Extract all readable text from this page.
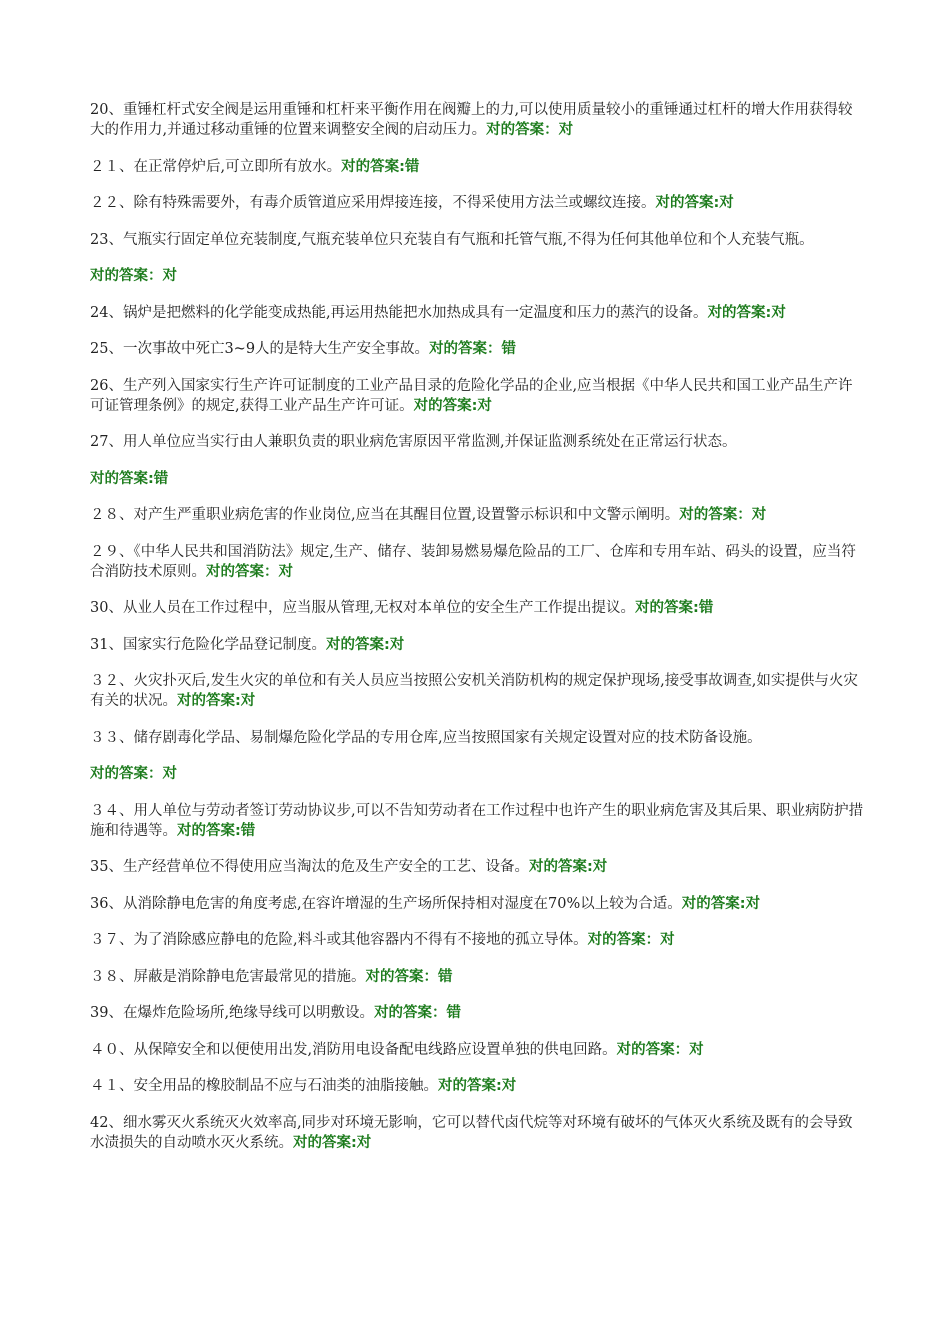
20、重锤杠杆式安全阀是运用重锤和杠杆来平衡作用在阀瓣上的力,可以使用质量较小的重锤通过杠杆的增大作用获得较大的作用力,并通过移动重锤的位置来调整安全阀的启动压力。对的答案：对

２１、在正常停炉后,可立即所有放水。对的答案:错

２２、除有特殊需要外，有毒介质管道应采用焊接连接，不得采使用方法兰或螺纹连接。对的答案:对

23、气瓶实行固定单位充装制度,气瓶充装单位只充装自有气瓶和托管气瓶,不得为任何其他单位和个人充装气瓶。

对的答案：对

24、锅炉是把燃料的化学能变成热能,再运用热能把水加热成具有一定温度和压力的蒸汽的设备。对的答案:对

25、一次事故中死亡3~9人的是特大生产安全事故。对的答案：错

26、生产列入国家实行生产许可证制度的工业产品目录的危险化学品的企业,应当根据《中华人民共和国工业产品生产许可证管理条例》的规定,获得工业产品生产许可证。对的答案:对

27、用人单位应当实行由人兼职负责的职业病危害原因平常监测,并保证监测系统处在正常运行状态。

对的答案:错

２８、对产生严重职业病危害的作业岗位,应当在其醒目位置,设置警示标识和中文警示阐明。对的答案：对

２９、《中华人民共和国消防法》规定,生产、储存、装卸易燃易爆危险品的工厂、仓库和专用车站、码头的设置，应当符合消防技术原则。对的答案：对

30、从业人员在工作过程中，应当服从管理,无权对本单位的安全生产工作提出提议。对的答案:错

31、国家实行危险化学品登记制度。对的答案:对

３２、火灾扑灭后,发生火灾的单位和有关人员应当按照公安机关消防机构的规定保护现场,接受事故调查,如实提供与火灾有关的状况。对的答案:对

３３、储存剧毒化学品、易制爆危险化学品的专用仓库,应当按照国家有关规定设置对应的技术防备设施。

对的答案：对

３４、用人单位与劳动者签订劳动协议步,可以不告知劳动者在工作过程中也许产生的职业病危害及其后果、职业病防护措施和待遇等。对的答案:错

35、生产经营单位不得使用应当淘汰的危及生产安全的工艺、设备。对的答案:对

36、从消除静电危害的角度考虑,在容许增湿的生产场所保持相对湿度在70%以上较为合适。对的答案:对

３７、为了消除感应静电的危险,料斗或其他容器内不得有不接地的孤立导体。对的答案：对

３８、屏蔽是消除静电危害最常见的措施。对的答案：错

39、在爆炸危险场所,绝缘导线可以明敷设。对的答案：错

４０、从保障安全和以便使用出发,消防用电设备配电线路应设置单独的供电回路。对的答案：对

４１、安全用品的橡胶制品不应与石油类的油脂接触。对的答案:对

42、细水雾灭火系统灭火效率高,同步对环境无影响，它可以替代卤代烷等对环境有破坏的气体灭火系统及既有的会导致水渍损失的自动喷水灭火系统。对的答案:对
